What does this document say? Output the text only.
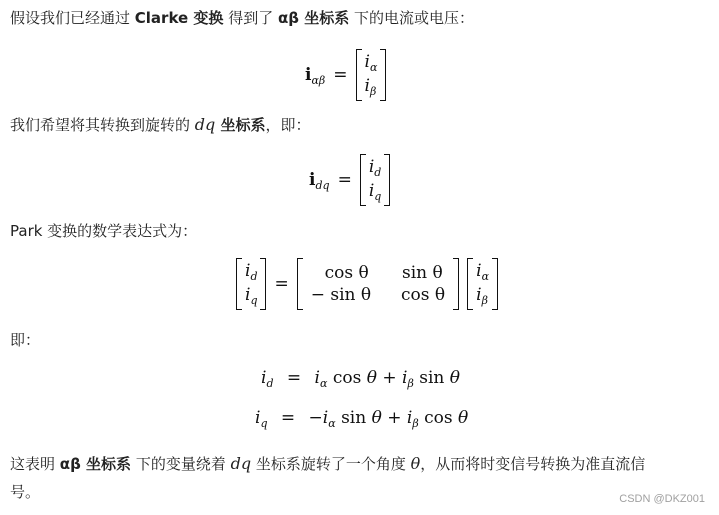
假设我们已经通过 Clarke 变换 得到了 αβ 坐标系 下的电流或电压：
$i_{\alpha\beta}$ =
$i_\alpha$
$i_\beta$
我们希望将其转换到旋转的 dq 坐标系，即：
$i_{dq}$ =
$i_d$
$i_q$
Park 变换的数学表达式为：
$i_d$
$i_q$
=
cos θ	sin θ
− sin θ	cos θ
$i_\alpha$
$i_\beta$
即：
$i_d = i_\alpha$ $\cos \theta + i_\beta$ sin θ
$i_q = -i_\alpha$ $\sin \theta + i_\beta$ cos θ
这表明 αβ 坐标系 下的变量绕着 dq 坐标系旋转了一个角度 θ，从而将时变信号转换为准直流信
号。	CSDN @DKZ001
